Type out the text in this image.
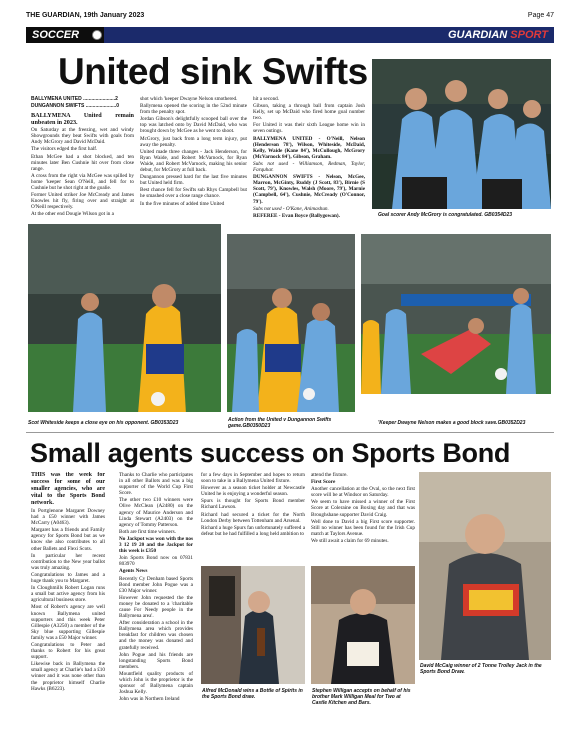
THE GUARDIAN, 19th January 2023	Page 47
SOCCER	GUARDIAN SPORT
United sink Swifts

BALLYMENA UNITED .......................2

DUNGANNON SWIFTS ......................0

BALLYMENA United remain unbeaten in 2023.

On Saturday at the freezing, wet and windy Showgrounds they beat Swifts with goals from Andy McGrory and David McDaid.

The visitors edged the first half.

Ethan McGee had a shot blocked, and ten minutes later Ben Cushnie hit over from close range.

A cross from the right via McGee was spilled by home 'keeper Sean O'Neill, and fell for to Cushnie but he shot right at the goalie.

Former United striker Joe McCready and James Knowles hit fly, firing over and straight at O'Neill respectively.

At the other end Dougie Wilson got in a

shot which 'keeper Dwayne Nelson smothered.

Ballymena opened the scoring in the 52nd minute from the penalty spot.

Jordan Gibson's delightfully scooped ball over the top was latched onto by David McDaid, who was brought down by McGee as he went to shoot.

McGrory, just back from a long term injury, put away the penalty.

United made three changes - Jack Henderson, for Ryan Waide, and Robert McVarnock, for Ryan Waide, and Robert McVarnock, making his senior debut, for McGrory at full back.

Dungannon pressed hard for the last five minutes but United held firm.

Best chance fell for Swifts sub Rhys Campbell but he smashed over a close range chance.

In the five minutes of added time United

hit a second.

Gibson, taking a through ball from captain Josh Kelly, set up McDaid who fired home goal number two.

For United it was their sixth League home win in seven outings.

BALLYMENA UNITED - O'Neill, Nelson (Henderson 78'), Wilson, Whiteside, McDaid, Kelly, Waide (Kane 84'), McCullough, McGrory (McVarnock 84'), Gibson, Graham.

Subs not used - Williamson, Redman, Taylor, Farquhar.

DUNGANNON SWIFTS - Nelson, McGee, Marron, McGinty, Ruddy (J Scott, 83'), Birnie (S Scott, 79'), Knowles, Walsh (Moore, 79'), Marnie (Campbell, 64'), Cushnie, McCready (O'Connor, 79').

Subs not used - O'Kane, Animashun.

REFEREE - Evan Boyce (Ballygowan).	Goal scorer Andy McGrory is congratulated. GB0354D23
Scot Whiteside keeps a close eye on his opponent. GB0353D23	Action from the United v Dungannon Swifts game.GB0350D23	'Keeper Dwayne Nelson makes a good block save.GB0352D23
Small agents success on Sports Bond

THIS was the week for success for some of our smaller agencies, who are vital to the Sports Bond network.

In Portglenone Margaret Downey had a £50 winner with James McCarry (A0463).

Margaret has a friends and Family agency for Sports Bond but as we know she also contributes to all other Ballets and Flexi Scots.

In particular her recent contribution to the New year ballot was truly amazing.

Congratulations to James and a huge thank you to Margaret.

In Cloughmills Robert Logan runs a small but active agency from his agricultural business store.

Most of Robert's agency are well known Ballymena united supporters and this week Peter Gillespie (A3250) a member of the Sky blue supporting Gillespie family was a £50 Major winner.

Congratulations to Peter and thanks to Robert for his great support.

Likewise back in Ballymena the small agency at Charlie's had a £10 winner and it was none other than the proprietor himself Charlie Hawks (B6223).

Thanks to Charlie who participates in all other Ballots and was a big supporter of the World Cup First Score.

The other two £10 winners were Olive McClean (A2480) on the agency of Maurice Anderson and Linda Stewart (A2403) on the agency of Tommy Patterson.

Both are first time winners.

No Jackpot was won with the nos 3 12 19 20 and the Jackpot for this week is £350

Join Sports Bond now on 07831 803970

Agents News

Recently Cy Denham based Sports Bond member John Pogue was a £30 Major winner.

However John requested the the money be donated to a 'charitable cause For Needy people in the Ballymena area'.

After consideration a school in the Ballymena area which provides breakfast for children was chosen and the money was donated and gratefully received.

John Pogue and his friends are longstanding Sports Bond members.

Mountfield quality products of which John is the proprietor is the sponsor of Ballymena captain Joshua Kelly.

John was in Northern Ireland

for a few days in September and hopes to return soon to take in a Ballymena United fixture.

However as a season ticket holder at Newcastle United he is enjoying a wonderful season.

Spurs is thought for Sports Bond member Richard Lawson.

Richard had secured a ticket for the North London Derby between Tottenham and Arsenal.

Richard a huge Spurs fan unfortunately suffered a defeat but he had fulfilled a long held ambition to

attend the fixture.

First Score

Another cancellation at the Oval, so the next first score will be at Windsor on Saturday.

We seem to have missed a winner of the First Score at Coleraine on Boxing day and that was Broughshane supporter David Craig.

Well done to David a big First score supporter. Still no winner has been found for the Irish Cup match at Taylors Avenue.

We still await a claim for 69 minutes.

Alfred McDonald wins a Bottle of Spirits in the Sports Bond draw.
Stephen Willigan accepts on behalf of his brother Mark Willigan Meal for Two at Castle Kitchen and Bars.
David McCaig winner of 2 Tonne Trolley Jack in the Sports Bond Draw.
